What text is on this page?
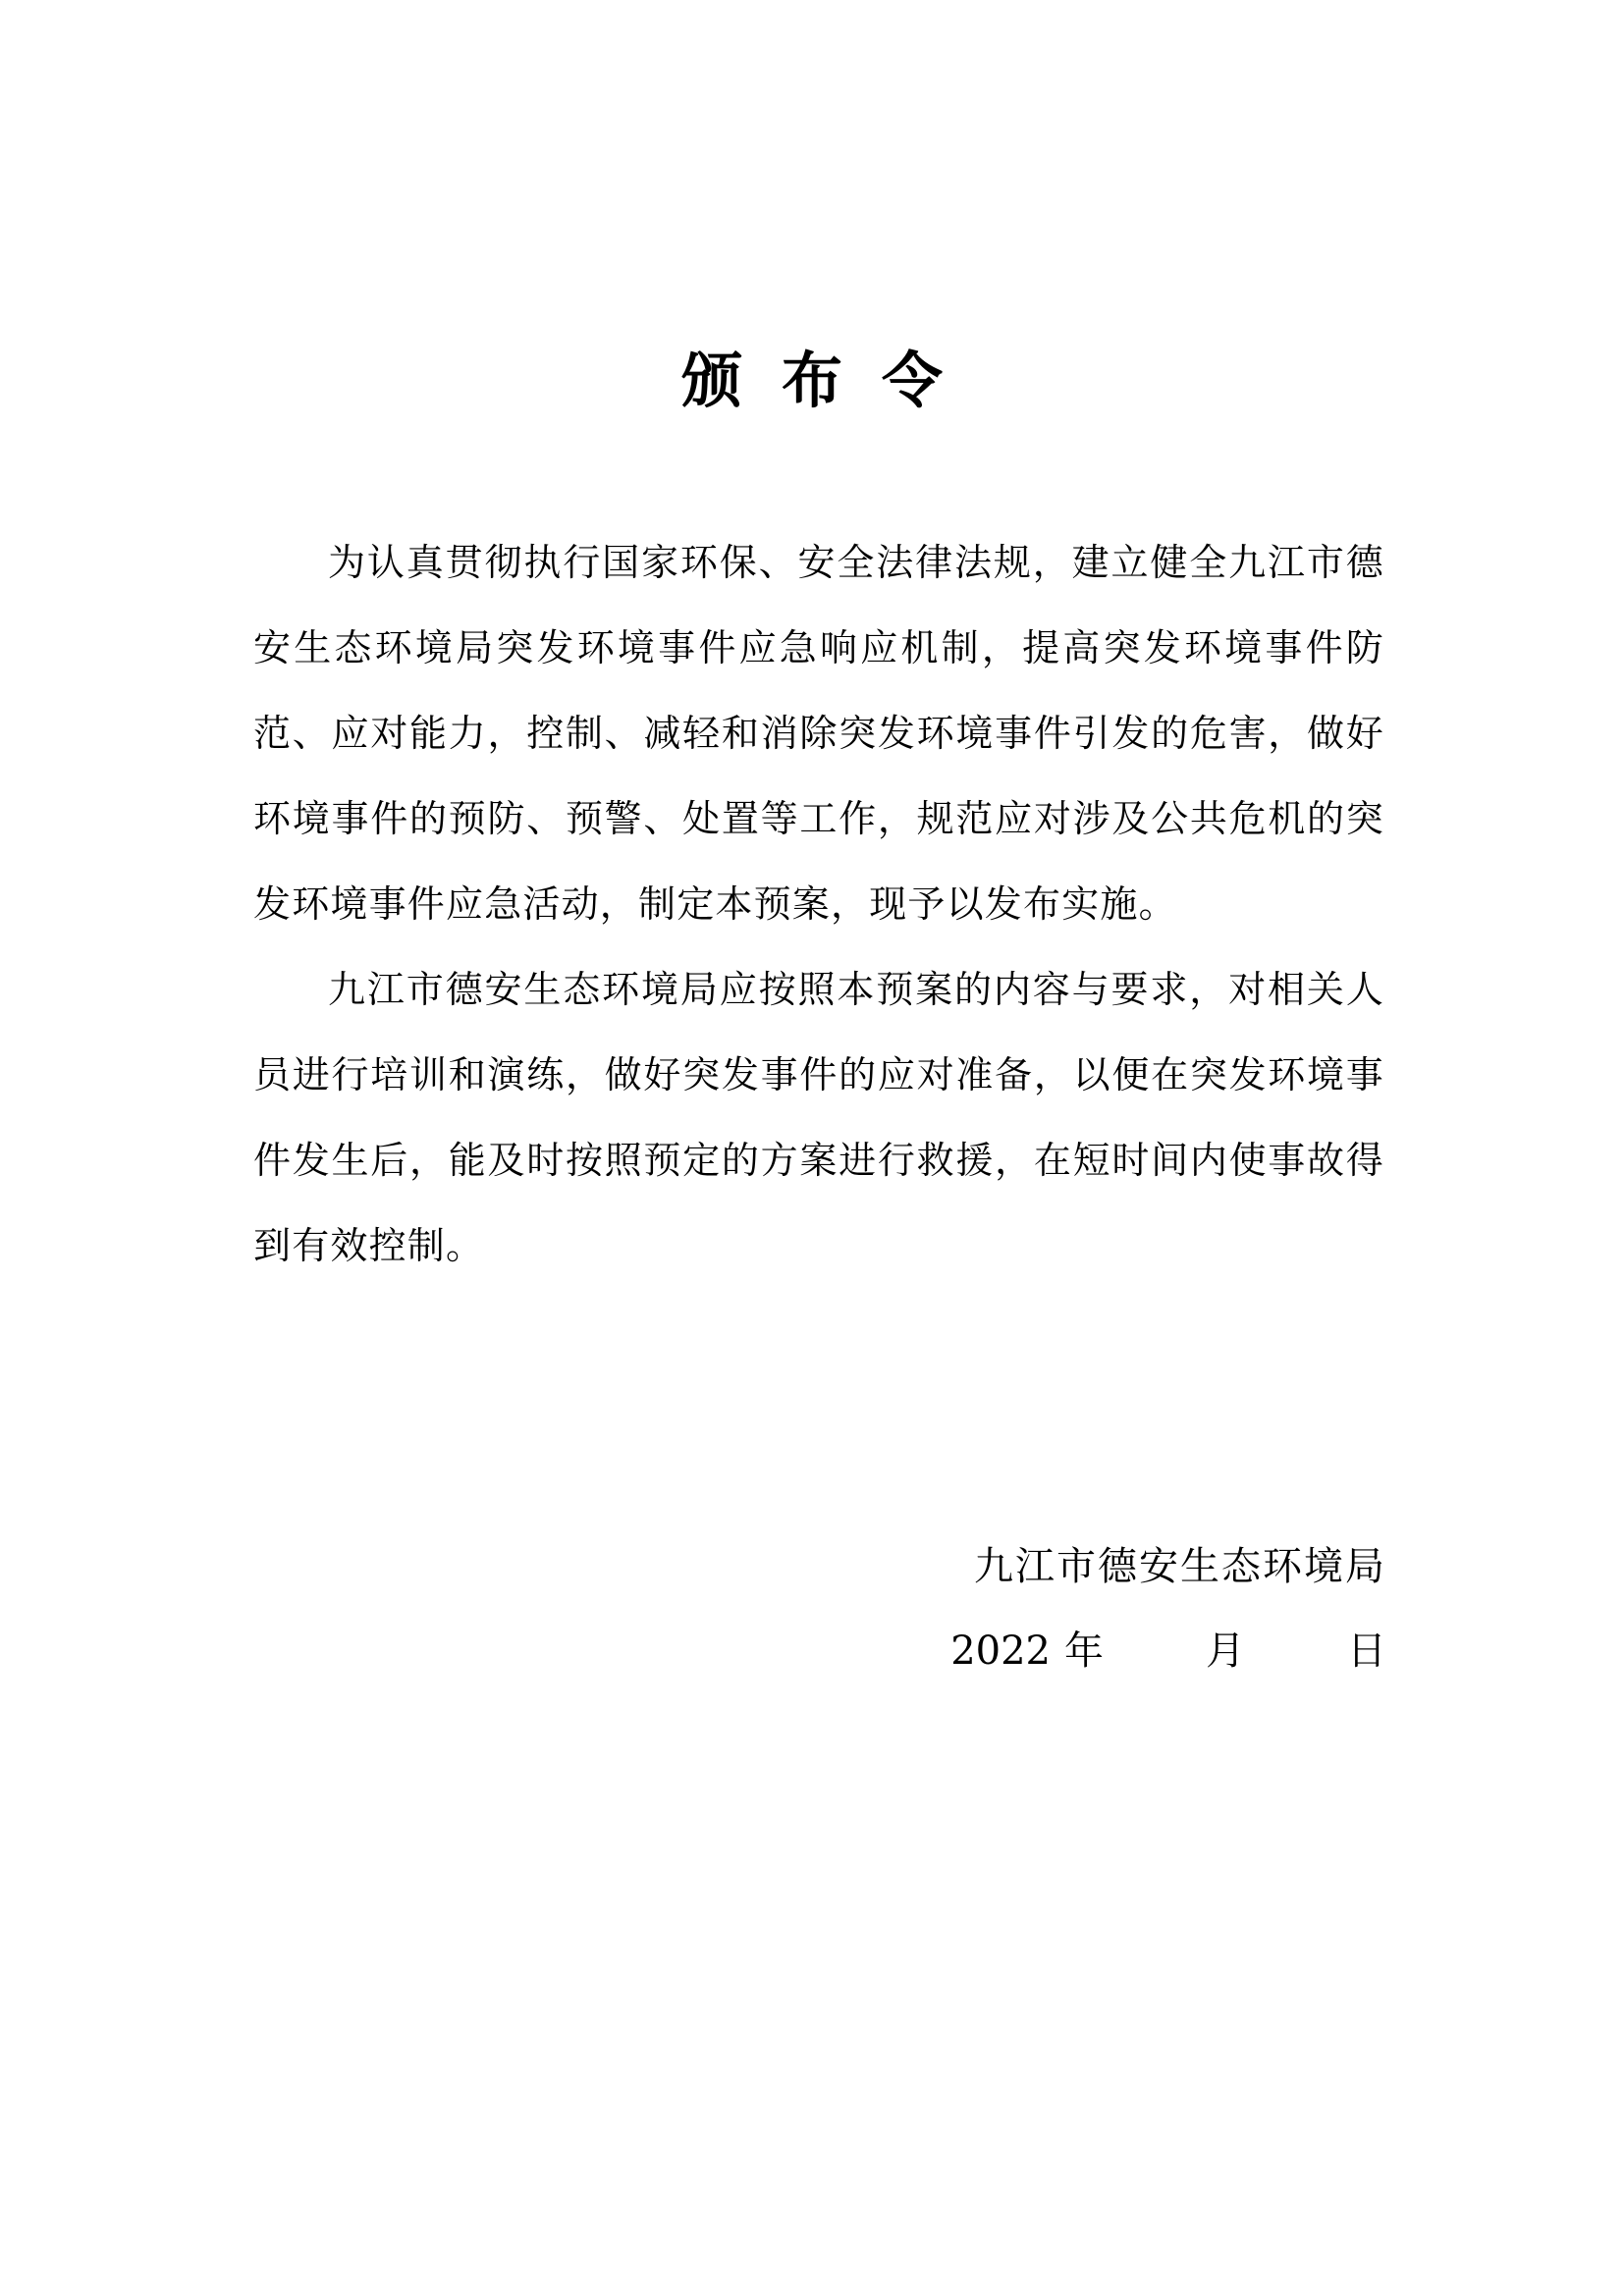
颁布令

为认真贯彻执行国家环保、安全法律法规，建立健全九江市德安生态环境局突发环境事件应急响应机制，提高突发环境事件防范、应对能力，控制、减轻和消除突发环境事件引发的危害，做好环境事件的预防、预警、处置等工作，规范应对涉及公共危机的突发环境事件应急活动，制定本预案，现予以发布实施。

九江市德安生态环境局应按照本预案的内容与要求，对相关人员进行培训和演练，做好突发事件的应对准备，以便在突发环境事件发生后，能及时按照预定的方案进行救援，在短时间内使事故得到有效控制。

九江市德安生态环境局
2022 年	月	日
